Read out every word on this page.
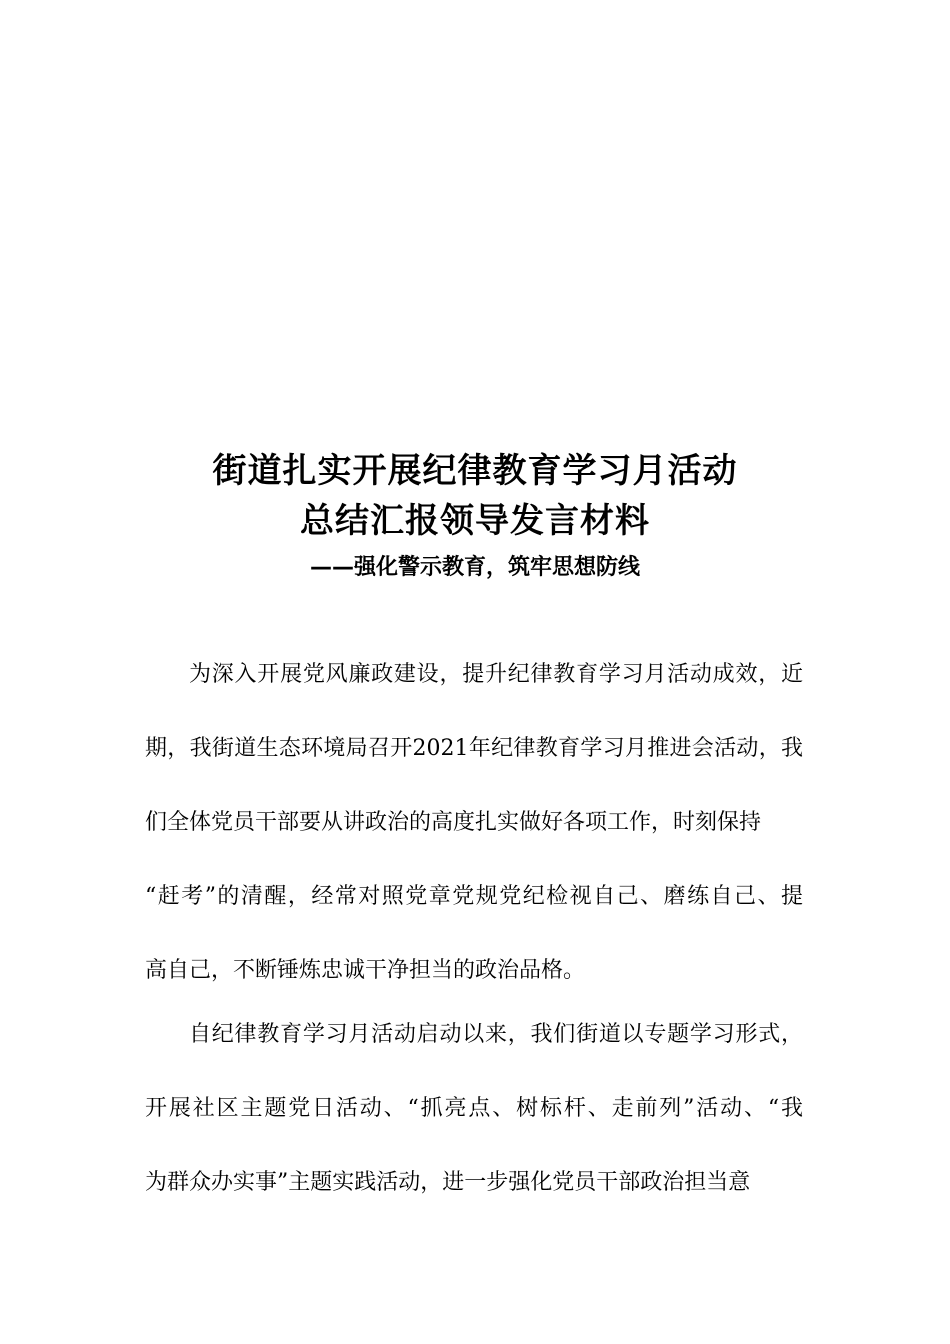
街道扎实开展纪律教育学习月活动
总结汇报领导发言材料
——强化警示教育，筑牢思想防线
为深入开展党风廉政建设，提升纪律教育学习月活动成效，近
期，我街道生态环境局召开2021年纪律教育学习月推进会活动，我
们全体党员干部要从讲政治的高度扎实做好各项工作，时刻保持
“赶考”的清醒，经常对照党章党规党纪检视自己、磨练自己、提
高自己，不断锤炼忠诚干净担当的政治品格。
自纪律教育学习月活动启动以来，我们街道以专题学习形式，
开展社区主题党日活动、“抓亮点、树标杆、走前列”活动、“我
为群众办实事”主题实践活动，进一步强化党员干部政治担当意
